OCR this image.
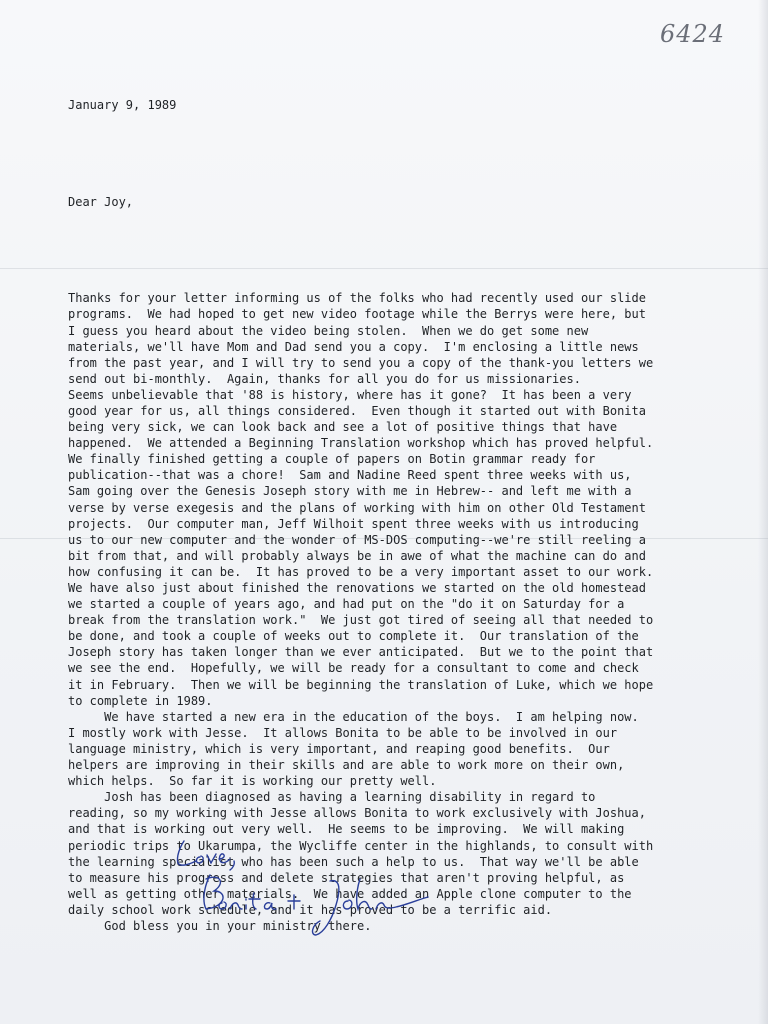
6424

January 9, 1989

Dear Joy,

Thanks for your letter informing us of the folks who had recently used our slide
programs.  We had hoped to get new video footage while the Berrys were here, but
I guess you heard about the video being stolen.  When we do get some new
materials, we'll have Mom and Dad send you a copy.  I'm enclosing a little news
from the past year, and I will try to send you a copy of the thank-you letters we
send out bi-monthly.  Again, thanks for all you do for us missionaries.
Seems unbelievable that '88 is history, where has it gone?  It has been a very
good year for us, all things considered.  Even though it started out with Bonita
being very sick, we can look back and see a lot of positive things that have
happened.  We attended a Beginning Translation workshop which has proved helpful.
We finally finished getting a couple of papers on Botin grammar ready for
publication--that was a chore!  Sam and Nadine Reed spent three weeks with us,
Sam going over the Genesis Joseph story with me in Hebrew-- and left me with a
verse by verse exegesis and the plans of working with him on other Old Testament
projects.  Our computer man, Jeff Wilhoit spent three weeks with us introducing
us to our new computer and the wonder of MS-DOS computing--we're still reeling a
bit from that, and will probably always be in awe of what the machine can do and
how confusing it can be.  It has proved to be a very important asset to our work.
We have also just about finished the renovations we started on the old homestead
we started a couple of years ago, and had put on the "do it on Saturday for a
break from the translation work."  We just got tired of seeing all that needed to
be done, and took a couple of weeks out to complete it.  Our translation of the
Joseph story has taken longer than we ever anticipated.  But we to the point that
we see the end.  Hopefully, we will be ready for a consultant to come and check
it in February.  Then we will be beginning the translation of Luke, which we hope
to complete in 1989.
We have started a new era in the education of the boys.  I am helping now.
I mostly work with Jesse.  It allows Bonita to be able to be involved in our
language ministry, which is very important, and reaping good benefits.  Our
helpers are improving in their skills and are able to work more on their own,
which helps.  So far it is working our pretty well.
Josh has been diagnosed as having a learning disability in regard to
reading, so my working with Jesse allows Bonita to work exclusively with Joshua,
and that is working out very well.  He seems to be improving.  We will making
periodic trips to Ukarumpa, the Wycliffe center in the highlands, to consult with
the learning specialist who has been such a help to us.  That way we'll be able
to measure his progress and delete strategies that aren't proving helpful, as
well as getting other materials.  We have added an Apple clone computer to the
daily school work schedule, and it has proved to be a terrific aid.
God bless you in your ministry there.
